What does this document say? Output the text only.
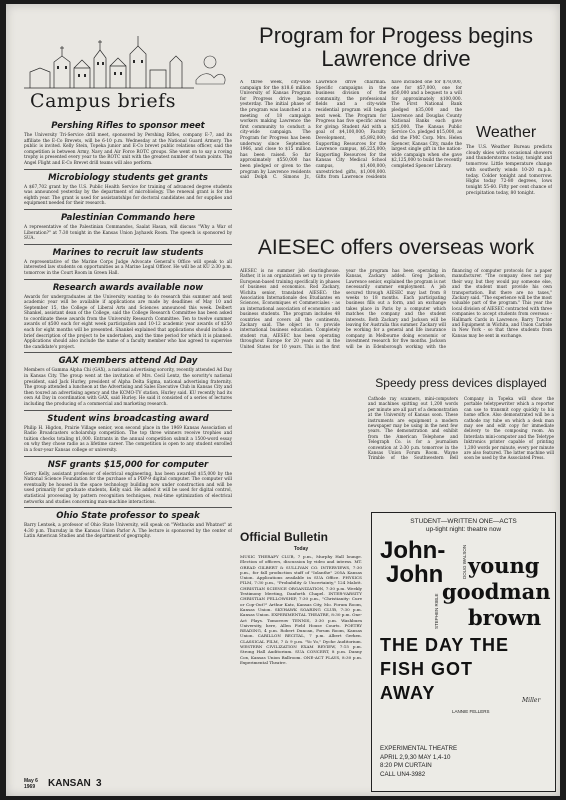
Campus briefs
Pershing Rifles to sponsor meet

The University Tri-Service drill meet, sponsored by Pershing Rifles, company E-7, and its affiliate the E-Co Brevets, will be 6-10 p.m. Wednesday at the National Guard Armory. The public is invited. Kelly Stein, Topeka junior and E-Co brevet public relations officer, said the competition is between Army, Navy and Air Force ROTC groups. She went on to say a roving trophy is presented every year to the ROTC unit with the greatest number of team points. The Angel Flight and E-Co Brevet drill teams will also perform.

Microbiology students get grants

A $67,702 grant by the U.S. Public Health Service for training of advanced degree students was announced yesterday by the department of microbiology. The renewal grant is for the eighth year. The grant is used for assistantships for doctoral candidates and for supplies and equipment needed for their research.

Palestinian Commando here

A representative of the Palestinian Commandos, Saalat Hasan, will discuss "Why a War of Liberation?" at 7:30 tonight in the Kansas Union Jayhawk Room. The speech is sponsored by SUA.

Marines to recruit law students

A representative of the Marine Corps Judge Advocate General's Office will speak to all interested law students on opportunities as a Marine Legal Officer. He will be at KU 2:30 p.m. tomorrow in the Court Room in Green Hall.

Research awards available now

Awards for undergraduates at the University wanting to do research this summer and next academic year will be available if applications are made by deadlines of May 10 and September 15, the College of Liberal Arts and Sciences announced this week. Delbert Shankel, assistant dean of the College, said the College Research Committee has been asked to coordinate these awards from the University Research Committee. Ten to twelve summer awards of $500 each for eight week participation and 10-12 academic year awards of $250 each for eight months will be presented. Shankel explained that applications should include a brief description of the project to be undertaken, and the time period for which it is planned. Applications should also include the name of a faculty member who has agreed to supervise the candidate's project.

GAX members attend Ad Day

Members of Gamma Alpha Chi (GAX), a national advertising sorority, recently attended Ad Day in Kansas City. The group went at the invitation of Mrs. Cecil Lentz, the sorority's national president, said Jack Hurley, president of Alpha Delta Sigma, national advertising fraternity. The group attended a luncheon at the Advertising and Sales Executive Club in Kansas City and then toured an advertising agency and the KCMO-TV station, Hurley said. KU recently had its own Ad Day in coordination with GAX, said Hurley. He said it consisted of a series of lectures including the producing of a commercial and marketing research.

Student wins broadcasting award

Philip H. Higdon, Prairie Village senior, won second place in the 1969 Kansas Association of Radio Broadcasters scholarship competition. The top three winners receive trophies and tuition checks totaling $1,000. Entrants in the annual competition submit a 1500-word essay on why they chose radio as a lifetime career. The competition is open to any student enrolled in a four-year Kansas college or university.

NSF grants $15,000 for computer

Gerry Kelly, assistant professor of electrical engineering, has been awarded $15,000 by the National Science Foundation for the purchase of a PDP-9 digital computer. The computer will eventually be housed in the space technology building now under construction and will be used primarily for graduate students, Kelly said. He added it will be used for digital control, statistical processing by pattern recognition techniques, real-time optimization of electrical networks and studies concerning man-machine interactions.

Ohio State professor to speak

Barry Lentsek, a professor of Ohio State University, will speak on "Wetbacks and Whatnot" at 4:30 p.m. Thursday in the Kansas Union Parlor A. The lecture is sponsored by the center of Latin American Studies and the department of geography.

May 6
1969 KANSAN 3
Program for Progess begins Lawrence drive

A three week, city-wide campaign for the $18.6 million University of Kansas Program for Progress drive began yesterday. The initial phase of the program was launched at a meeting of 18 campaign workers making Lawrence the first community to conduct a city-wide campaign. The Program for Progress has been underway since September, 1966, and close to $15 million has been raised. So far approximately $550,000 has been pledged or given to the program by Lawrence residents said Dolph C. Simons Jr., Lawrence drive chairman. Specific campaigns in the business division of the community, the professional fields and a city-wide residential program will begin next week. The Program for Progress has five specific areas for giving: Student Aid with a goal of $4,100,000; Faculty Development, $5,892,000; Supporting Resources for the Lawrence campus, $6,225,000; Supporting Resources for the Kansas City Medical School campus, $1,400,000; unrestricted gifts, $1,000,000. Gifts from Lawrence residents have included one for $78,000, one for $57,000, one for $50,000 and a bequest to a will for approximately $100,000. The First National Bank pledged $35,000 and the Lawrence and Douglas County National Banks each gave $25,000. The Kansas Public Service Co. pledged $15,000, as did the FMC Corp. Mrs. Helen Spencer, Kansas City, made the largest single gift in the nation-wide campaign when she gave $2,125,000 to build the recently completed Spencer Library.

Weather

The U.S. Weather Bureau predicts cloudy skies with occasional showers and thunderstorms today, tonight and tomorrow. Little temperature change with southerly winds 10-20 m.p.h. today. Colder tonight and tomorrow. Highs today 72-80 degrees, lows tonight 55-60. Fifty per cent chance of precipitation today, 80 tonight.

AIESEC offers overseas work

AIESEC is no summer job clearinghouse. Rather, it is an organization set up to provide European-based training specifically in phases of business and economics. Rod Zackary, Wichita senior, translated AIESEC: the Association Internationale des Etudiantes en Sciences, Economiques et Commerciales - as an international association of economics and business students. The program includes 48 countries and covers all the continents, Zackary said. The object is to provide international business education. Completely student run, AIESEC has been operating throughout Europe for 20 years and in the United States for 10 years. This is the first year the program has been operating in Kansas, Zackary added. Greg Jackson, Lawrence senior, explained the program is not necessarily summer employment. A job secured through AIESEC may last from 8 weeks to 18 months. Each participating business fills out a form, and an exchange takes place in Paris by a computer which matches the company and the student interests. Both Zackary and Jackson will be leaving for Australia this summer. Zackary will be working for a general and life insurance company in Melbourne doing economic or investment research for five months. Jackson will be in Edenborough working with the financing of computer protocols for a paper manufacturer. "The company does not pay their way, but they would pay someone else, and the student must provide his own transportation. But there are no taxes," Zackary said. "The experience will be the most valuable part of the program." This year the local division of AIESEC contracted with three companies to accept students from overseas - Hallmark Cards in Lawrence, Barry Tractor and Equipment in Wichita, and Union Carbide in New York - so that three students from Kansas may be sent in exchange.

Official Bulletin
Today

MUSIC THERAPY CLUB, 7 p.m., Murphy Hall lounge. Election of officers, discussion by video and interns. MT. OREAD GILBERT & SULLIVAN CO. INTERVIEWS, 7:30 p.m., for fall production staff of "Iolanthe" 205A Kansas Union. Applications available in SUA Office. PHYSICS FILM, 7:30 p.m., "Probability & Uncertainty," 124 Malott. CHRISTIAN SCIENCE ORGANIZATION, 7:30 p.m. Weekly Testimony Meeting, Danforth Chapel. INTER-VARSITY CHRISTIAN FELLOWSHIP, 7:30 p.m., "Christianity: Cure or Cop-Out?" Arthur Katz, Kansas City, Mo. Forum Room, Kansas Union. SKYHAWK SOARING CLUB, 7:30 p.m. Kansas Union. EXPERIMENTAL THEATRE, 8:30 p.m. One-Act Plays. Tomorrow TENNIS, 3:30 p.m. Washburn University, here, Allen Field House Courts. POETRY READING, 4 p.m. Robert Duncan, Forum Room, Kansas Union. CARILLON RECITAL, 7 p.m. Albert Gerken. CLASSICAL FILM, 7 & 9 p.m. "Yo Yo," Dyche Auditorium. WESTERN CIVILIZATION EXAM REVIEW, 7:15 p.m. Strong Hall Auditorium. SUA CONCERT, 8 p.m. Danny Cox, Kansas Union Ballroom. ONE-ACT PLAYS, 8:30 p.m. Experimental Theatre.

Speedy press devices displayed

Cathode ray scanners, mini-computers and machines spitting out 1,200 words per minute are all part of a demonstration at the University of Kansas soon. These instruments are equipment a modern newspaper may be using in the next few years. The demonstration and exhibit from the American Telephone and Telegraph Co. is for a journalism convention at 2:30 p.m. tomorrow in the Kansas Union Forum Room. Wayne Trimble of the Southwestern Bell Company in Topeka will show the portable teletypewriter which a reporter can use to transmit copy quickly to his home office. Also demonstrated will be a cathode ray tube on which a desk man may see and edit copy for immediate delivery to the composing room. An Interdata mini-computer and the Teletype Inktronics printer capable of printing 1,200 words per minute, every per minute are also featured. The latter machine will soon be used by the Associated Press.

STUDENT—WRITTEN ONE—ACTS
up-tight night: theatre now
John-
John young
goodman
brown
THE DAY THE
FISH GOT
AWAY
DOUG WALSON
STEPHEN RIBLE
LANNIE FELLERS
Miller
EXPERIMENTAL THEATRE
APRIL 2,9,30 MAY 1,4-10
8:20 PM CURTAIN
CALL UN4-3982
